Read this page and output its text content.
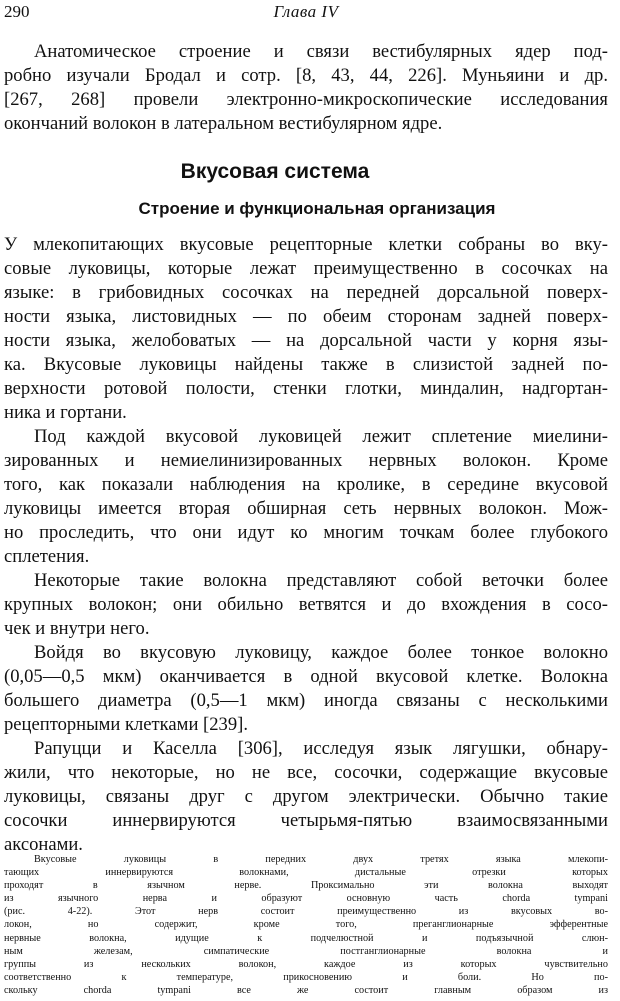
290	Глава IV
Анатомическое строение и связи вестибулярных ядер под-
робно изучали Бродал и сотр. [8, 43, 44, 226]. Муньяини и др.
[267, 268] провели электронно-микроскопические исследования
окончаний волокон в латеральном вестибулярном ядре.
Вкусовая система
Строение и функциональная организация
У млекопитающих вкусовые рецепторные клетки собраны во вку-
совые луковицы, которые лежат преимущественно в сосочках на
языке: в грибовидных сосочках на передней дорсальной поверх-
ности языка, листовидных — по обеим сторонам задней поверх-
ности языка, желобоватых — на дорсальной части у корня язы-
ка. Вкусовые луковицы найдены также в слизистой задней по-
верхности ротовой полости, стенки глотки, миндалин, надгортан-
ника и гортани.
Под каждой вкусовой луковицей лежит сплетение миелини-
зированных и немиелинизированных нервных волокон. Кроме
того, как показали наблюдения на кролике, в середине вкусовой
луковицы имеется вторая обширная сеть нервных волокон. Мож-
но проследить, что они идут ко многим точкам более глубокого
сплетения.
Некоторые такие волокна представляют собой веточки более
крупных волокон; они обильно ветвятся и до вхождения в сосо-
чек и внутри него.
Войдя во вкусовую луковицу, каждое более тонкое волокно
(0,05—0,5 мкм) оканчивается в одной вкусовой клетке. Волокна
большего диаметра (0,5—1 мкм) иногда связаны с несколькими
рецепторными клетками [239].
Рапуцци и Каселла [306], исследуя язык лягушки, обнару-
жили, что некоторые, но не все, сосочки, содержащие вкусовые
луковицы, связаны друг с другом электрически. Обычно такие
сосочки иннервируются четырьмя-пятью взаимосвязанными
аксонами.
Вкусовые луковицы в передних двух третях языка млекопи-
тающих иннервируются волокнами, дистальные отрезки которых
проходят в язычном нерве. Проксимально эти волокна выходят
из язычного нерва и образуют основную часть chorda tympani
(рис. 4-22). Этот нерв состоит преимущественно из вкусовых во-
локон, но содержит, кроме того, преганглионарные эфферентные
нервные волокна, идущие к подчелюстной и подъязычной слюн-
ным железам, симпатические постганглионарные волокна и
группы из нескольких волокон, каждое из которых чувствительно
соответственно к температуре, прикосновению и боли. Но по-
скольку chorda tympani все же состоит главным образом из
